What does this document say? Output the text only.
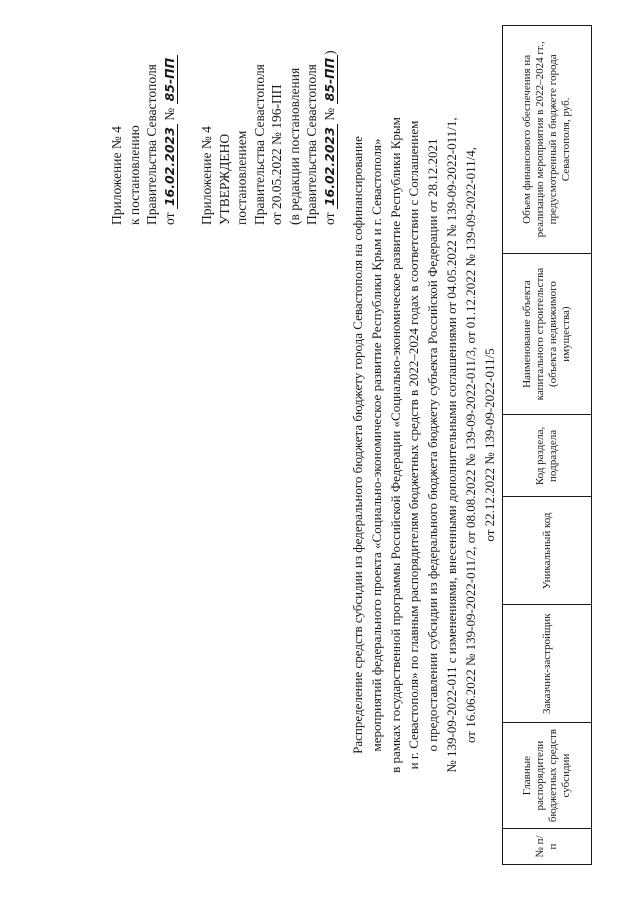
Приложение № 4 к постановлению Правительства Севастополя от 16.02.2023 № 85-ПП
Приложение № 4 УТВЕРЖДЕНО постановлением Правительства Севастополя от 20.05.2022 № 196-ПП (в редакции постановления Правительства Севастополя от 16.02.2023 № 85-ПП)
Распределение средств субсидии из федерального бюджета бюджету города Севастополя на софинансирование мероприятий федерального проекта «Социально-экономическое развитие Республики Крым и г. Севастополя» в рамках государственной программы Российской Федерации «Социально-экономическое развитие Республики Крым и г. Севастополя» по главным распорядителям бюджетных средств в 2022–2024 годах в соответствии с Соглашением о предоставлении субсидии из федерального бюджета бюджету субъекта Российской Федерации от 28.12.2021 № 139-09-2022-011 с изменениями, внесенными дополнительными соглашениями от 04.05.2022 № 139-09-2022-011/1, от 16.06.2022 № 139-09-2022-011/2, от 08.08.2022 № 139-09-2022-011/3, от 01.12.2022 № 139-09-2022-011/4, от 22.12.2022 № 139-09-2022-011/5
№ п/п	Главные распорядители бюджетных средств субсидии	Заказчик-застройщик	Уникальный код	Код раздела, подраздела	Наименование объекта капитального строительства (объекта недвижимого имущества)	Объем финансового обеспечения на реализацию мероприятия в 2022–2024 гг., предусмотренный в бюджете города Севастополя, руб.
